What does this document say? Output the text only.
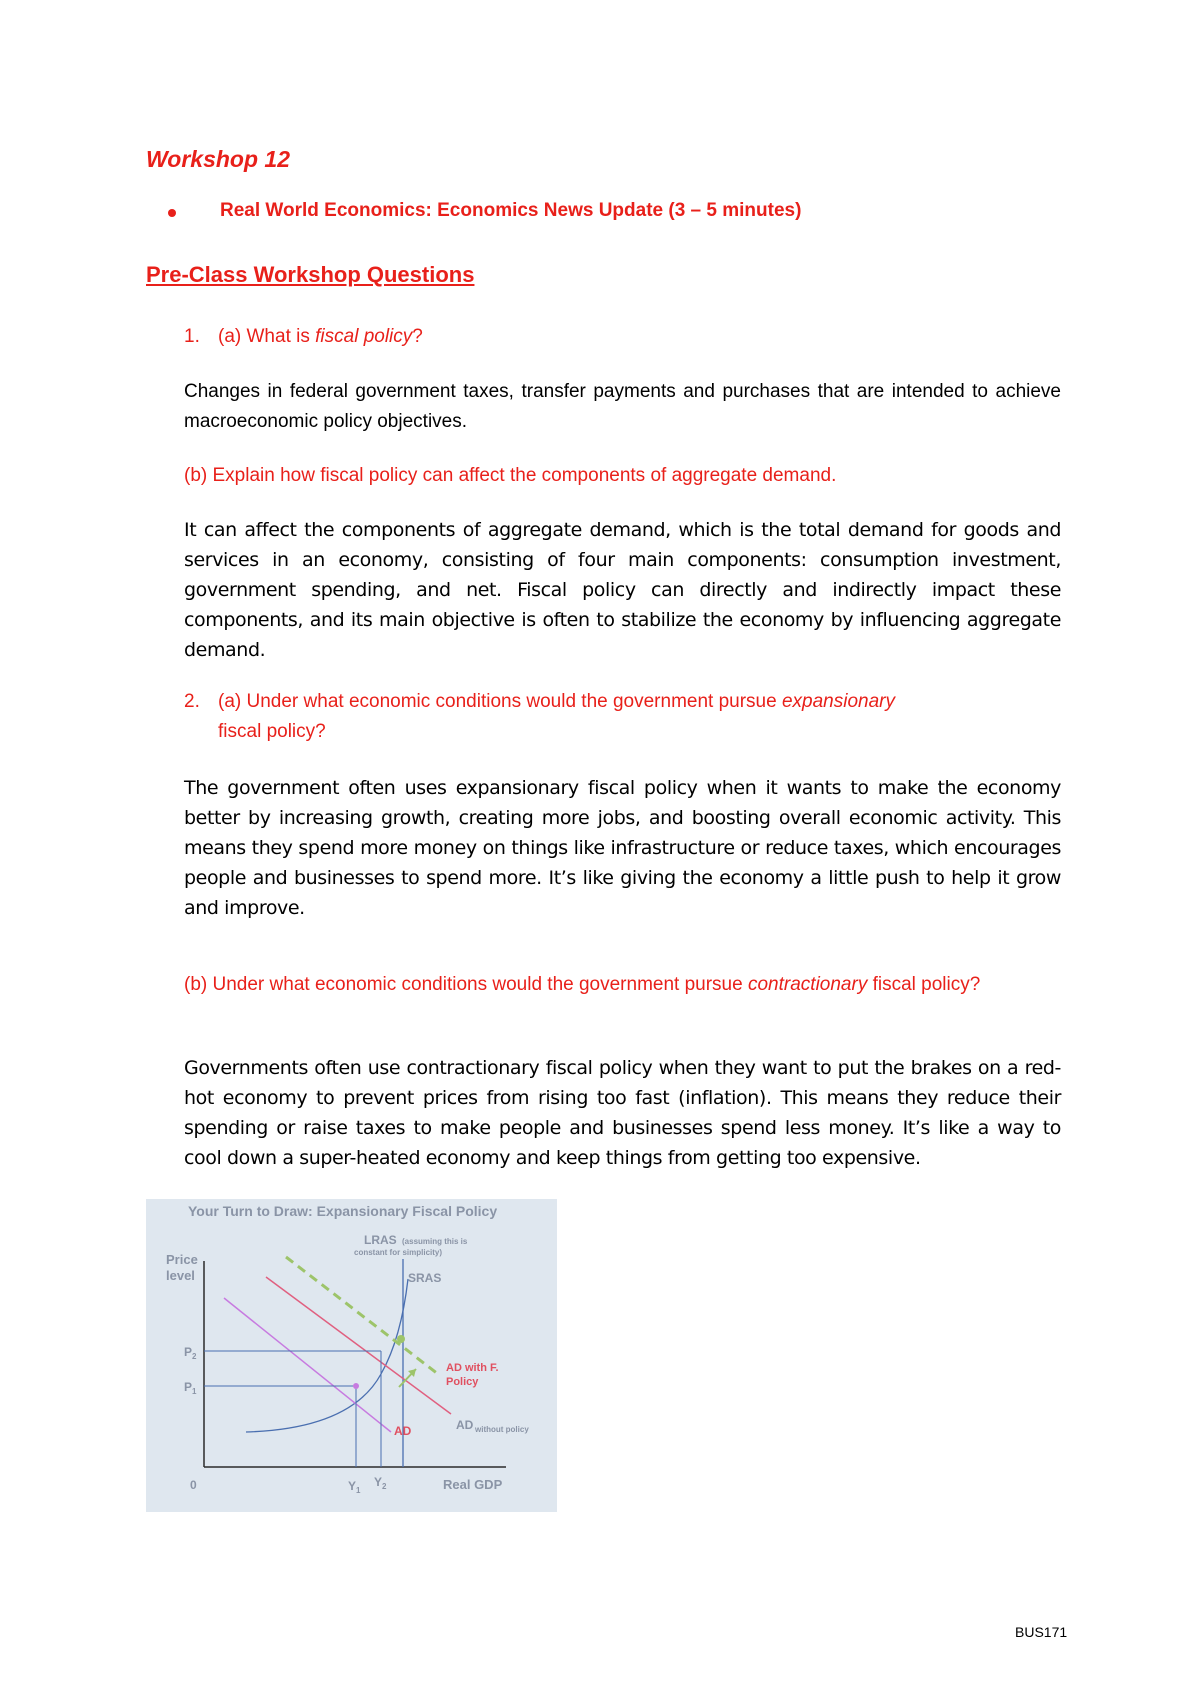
Workshop 12
Real World Economics: Economics News Update (3 – 5 minutes)
Pre-Class Workshop Questions
1. (a) What is fiscal policy?
Changes in federal government taxes, transfer payments and purchases that are intended to achieve macroeconomic policy objectives.
(b) Explain how fiscal policy can affect the components of aggregate demand.
It can affect the components of aggregate demand, which is the total demand for goods and services in an economy, consisting of four main components: consumption investment, government spending, and net. Fiscal policy can directly and indirectly impact these components, and its main objective is often to stabilize the economy by influencing aggregate demand.
2. (a) Under what economic conditions would the government pursue expansionary
fiscal policy?
The government often uses expansionary fiscal policy when it wants to make the economy better by increasing growth, creating more jobs, and boosting overall economic activity. This means they spend more money on things like infrastructure or reduce taxes, which encourages people and businesses to spend more. It’s like giving the economy a little push to help it grow and improve.
(b) Under what economic conditions would the government pursue contractionary fiscal policy?
Governments often use contractionary fiscal policy when they want to put the brakes on a red-hot economy to prevent prices from rising too fast (inflation). This means they reduce their spending or raise taxes to make people and businesses spend less money. It’s like a way to cool down a super-heated economy and keep things from getting too expensive.
Your Turn to Draw: Expansionary Fiscal Policy
Price
level
Real GDP
0
LRAS (assuming this is
constant for simplicity)
SRAS
AD	AD without policy
AD with F.
Policy
P 2
P 1
Y 1
Y 2
BUS171
